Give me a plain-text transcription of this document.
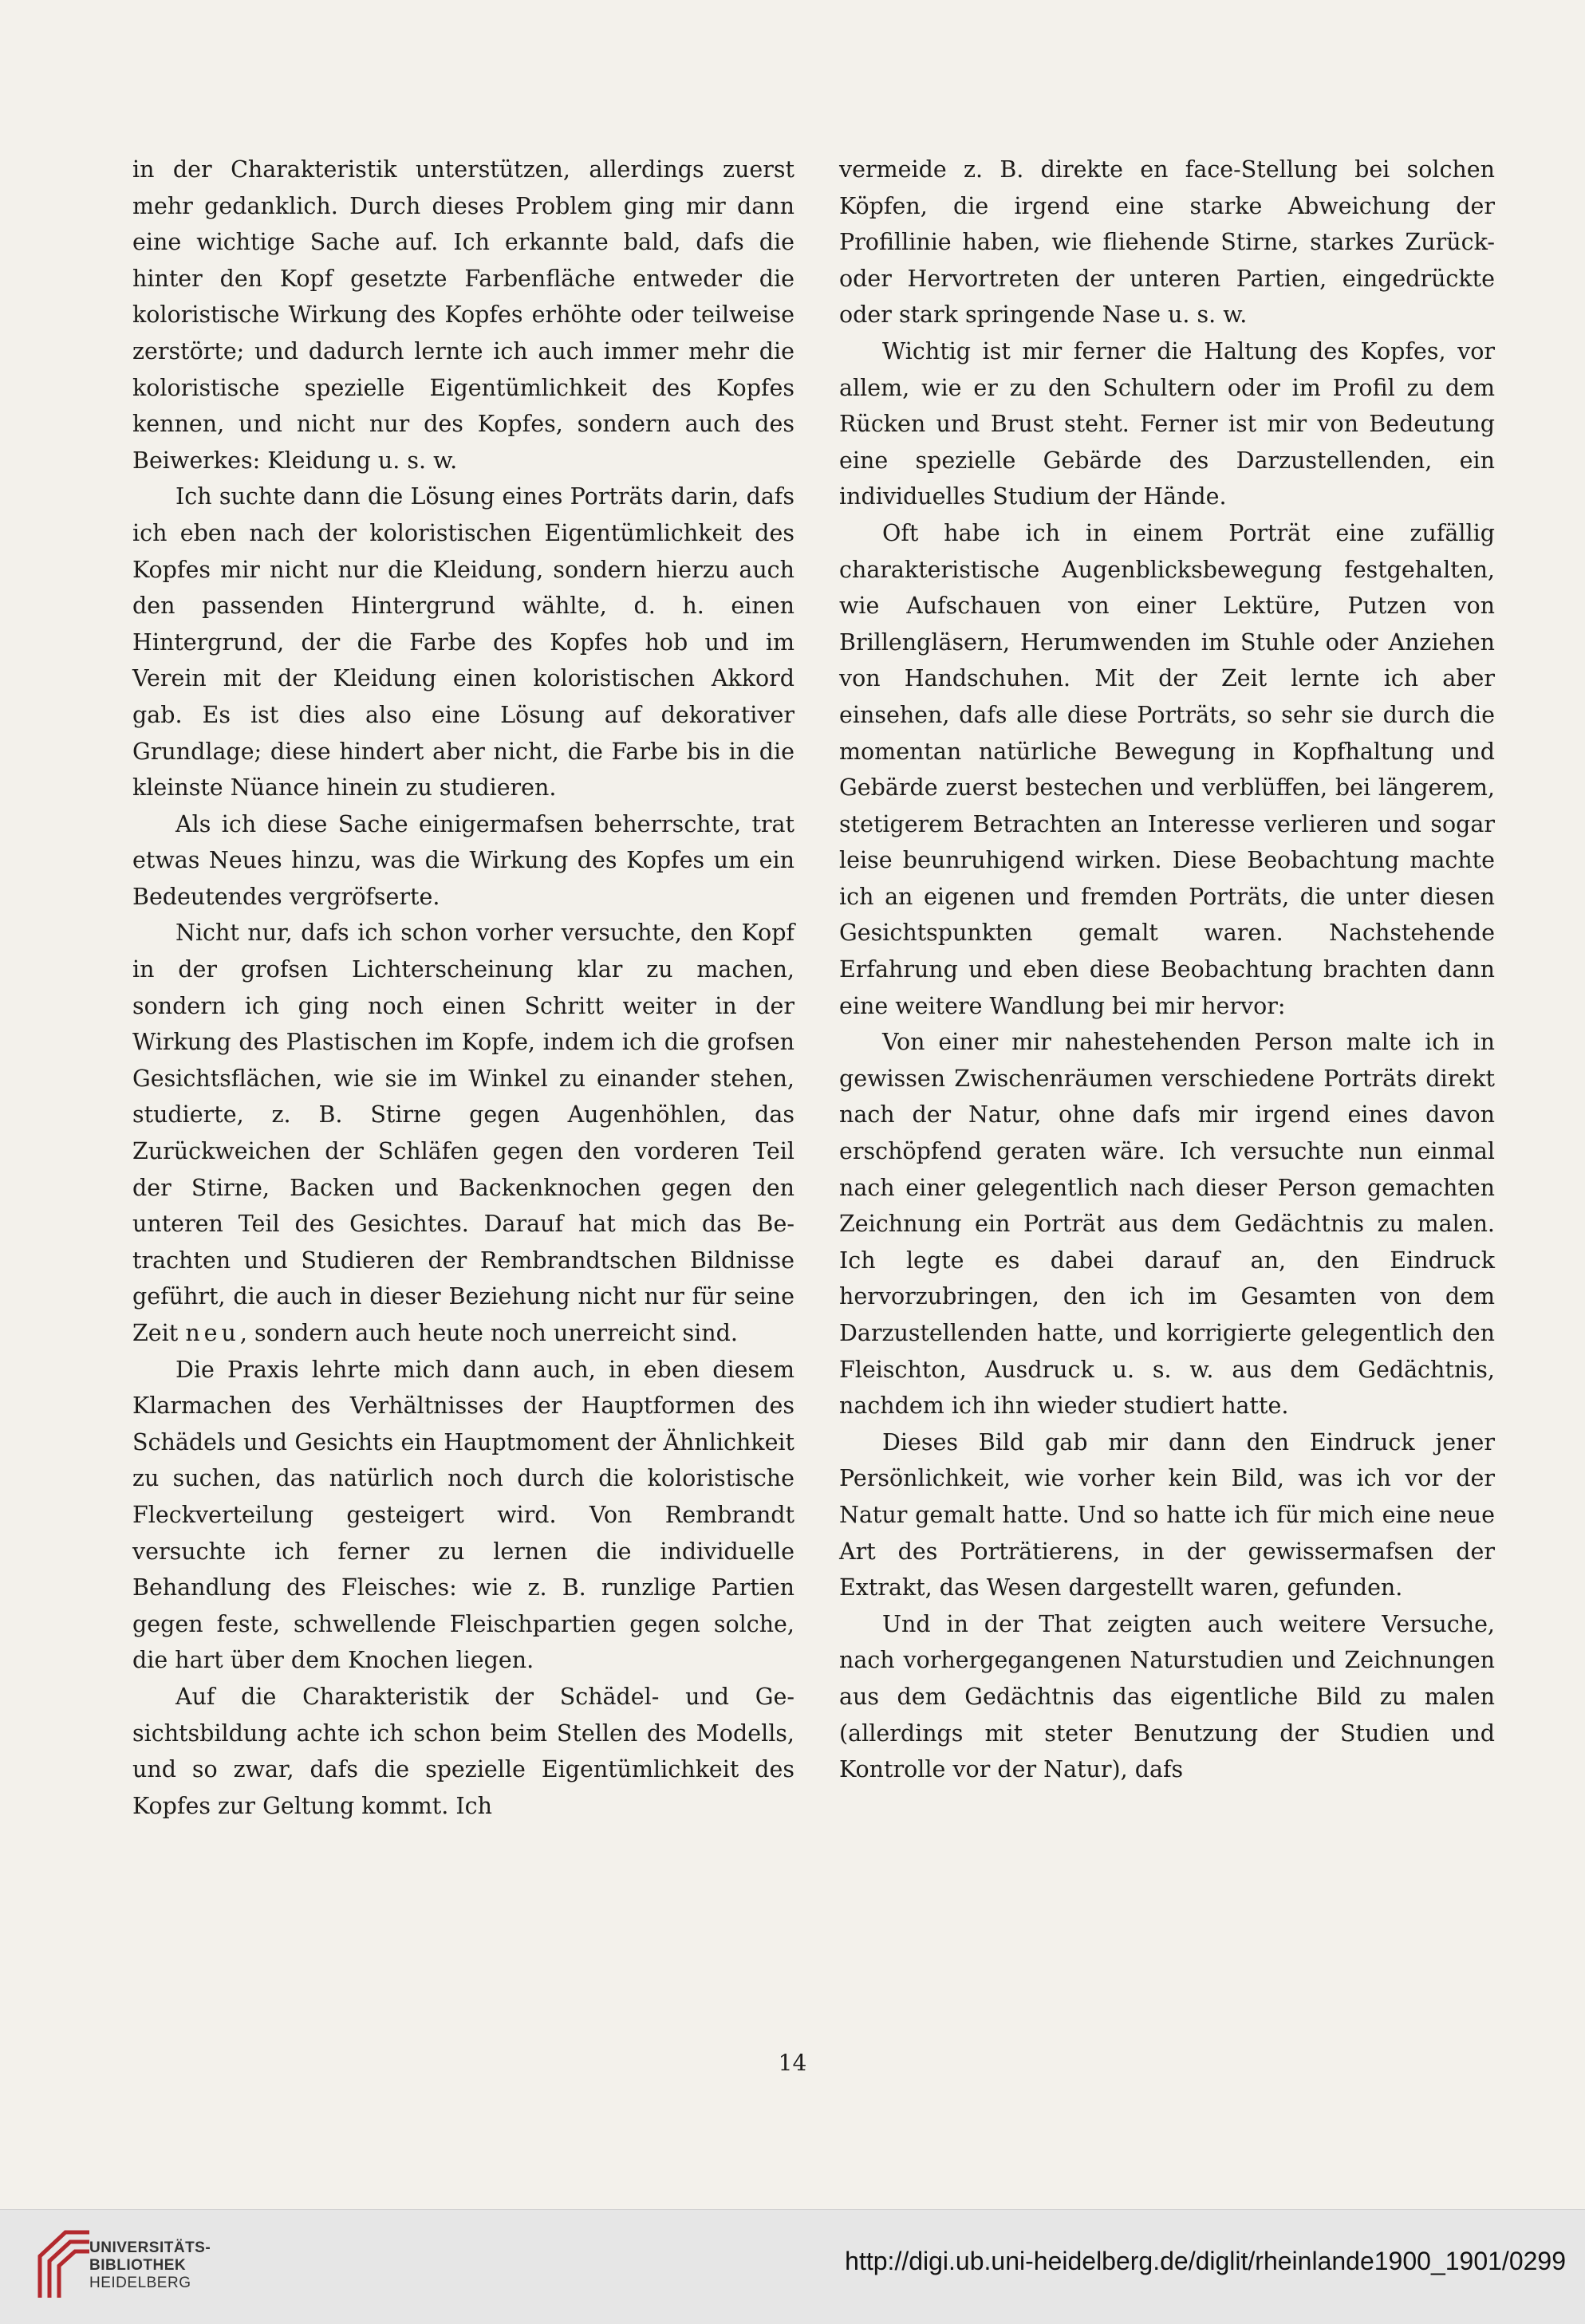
in der Charakteristik unterstützen, allerdings zuerst mehr gedanklich. Durch dieses Problem ging mir dann eine wichtige Sache auf. Ich erkannte bald, dafs die hinter den Kopf gesetzte Farbenfläche entweder die koloristische Wirkung des Kopfes erhöhte oder teilweise zerstörte; und dadurch lernte ich auch immer mehr die koloristische spezielle Eigentümlichkeit des Kopfes kennen, und nicht nur des Kopfes, sondern auch des Beiwerkes: Kleidung u. s. w.

Ich suchte dann die Lösung eines Porträts darin, dafs ich eben nach der koloristischen Eigentümlichkeit des Kopfes mir nicht nur die Kleidung, sondern hierzu auch den passenden Hintergrund wählte, d. h. einen Hintergrund, der die Farbe des Kopfes hob und im Verein mit der Kleidung einen koloristischen Akkord gab. Es ist dies also eine Lösung auf dekorativer Grundlage; diese hindert aber nicht, die Farbe bis in die kleinste Nüance hinein zu studieren.

Als ich diese Sache einigermafsen beherrschte, trat etwas Neues hinzu, was die Wirkung des Kopfes um ein Bedeutendes vergröfserte.

Nicht nur, dafs ich schon vorher versuchte, den Kopf in der grofsen Lichterscheinung klar zu machen, sondern ich ging noch einen Schritt weiter in der Wirkung des Plastischen im Kopfe, indem ich die grofsen Gesichtsflächen, wie sie im Winkel zu einander stehen, studierte, z. B. Stirne gegen Augenhöhlen, das Zurückweichen der Schläfen gegen den vorderen Teil der Stirne, Backen und Backenknochen gegen den unteren Teil des Gesichtes. Darauf hat mich das Betrachten und Studieren der Rembrandtschen Bildnisse geführt, die auch in dieser Beziehung nicht nur für seine Zeit neu, sondern auch heute noch unerreicht sind.

Die Praxis lehrte mich dann auch, in eben diesem Klarmachen des Verhältnisses der Hauptformen des Schädels und Gesichts ein Hauptmoment der Ähnlichkeit zu suchen, das natürlich noch durch die koloristische Fleckverteilung gesteigert wird. Von Rembrandt versuchte ich ferner zu lernen die individuelle Behandlung des Fleisches: wie z. B. runzlige Partien gegen feste, schwellende Fleischpartien gegen solche, die hart über dem Knochen liegen.

Auf die Charakteristik der Schädel- und Gesichtsbildung achte ich schon beim Stellen des Modells, und so zwar, dafs die spezielle Eigentümlichkeit des Kopfes zur Geltung kommt. Ich

vermeide z. B. direkte en face-Stellung bei solchen Köpfen, die irgend eine starke Abweichung der Profillinie haben, wie fliehende Stirne, starkes Zurück- oder Hervortreten der unteren Partien, eingedrückte oder stark springende Nase u. s. w.

Wichtig ist mir ferner die Haltung des Kopfes, vor allem, wie er zu den Schultern oder im Profil zu dem Rücken und Brust steht. Ferner ist mir von Bedeutung eine spezielle Gebärde des Darzustellenden, ein individuelles Studium der Hände.

Oft habe ich in einem Porträt eine zufällig charakteristische Augenblicksbewegung festgehalten, wie Aufschauen von einer Lektüre, Putzen von Brillengläsern, Herumwenden im Stuhle oder Anziehen von Handschuhen. Mit der Zeit lernte ich aber einsehen, dafs alle diese Porträts, so sehr sie durch die momentan natürliche Bewegung in Kopfhaltung und Gebärde zuerst bestechen und verblüffen, bei längerem, stetigerem Betrachten an Interesse verlieren und sogar leise beunruhigend wirken. Diese Beobachtung machte ich an eigenen und fremden Porträts, die unter diesen Gesichtspunkten gemalt waren. Nachstehende Erfahrung und eben diese Beobachtung brachten dann eine weitere Wandlung bei mir hervor:

Von einer mir nahestehenden Person malte ich in gewissen Zwischenräumen verschiedene Porträts direkt nach der Natur, ohne dafs mir irgend eines davon erschöpfend geraten wäre. Ich versuchte nun einmal nach einer gelegentlich nach dieser Person gemachten Zeichnung ein Porträt aus dem Gedächtnis zu malen. Ich legte es dabei darauf an, den Eindruck hervorzubringen, den ich im Gesamten von dem Darzustellenden hatte, und korrigierte gelegentlich den Fleischton, Ausdruck u. s. w. aus dem Gedächtnis, nachdem ich ihn wieder studiert hatte.

Dieses Bild gab mir dann den Eindruck jener Persönlichkeit, wie vorher kein Bild, was ich vor der Natur gemalt hatte. Und so hatte ich für mich eine neue Art des Porträtierens, in der gewissermafsen der Extrakt, das Wesen dargestellt waren, gefunden.

Und in der That zeigten auch weitere Versuche, nach vorhergegangenen Naturstudien und Zeichnungen aus dem Gedächtnis das eigentliche Bild zu malen (allerdings mit steter Benutzung der Studien und Kontrolle vor der Natur), dafs

14
UNIVERSITÄTS-
BIBLIOTHEK
HEIDELBERG
http://digi.ub.uni-heidelberg.de/diglit/rheinlande1900_1901/0299
